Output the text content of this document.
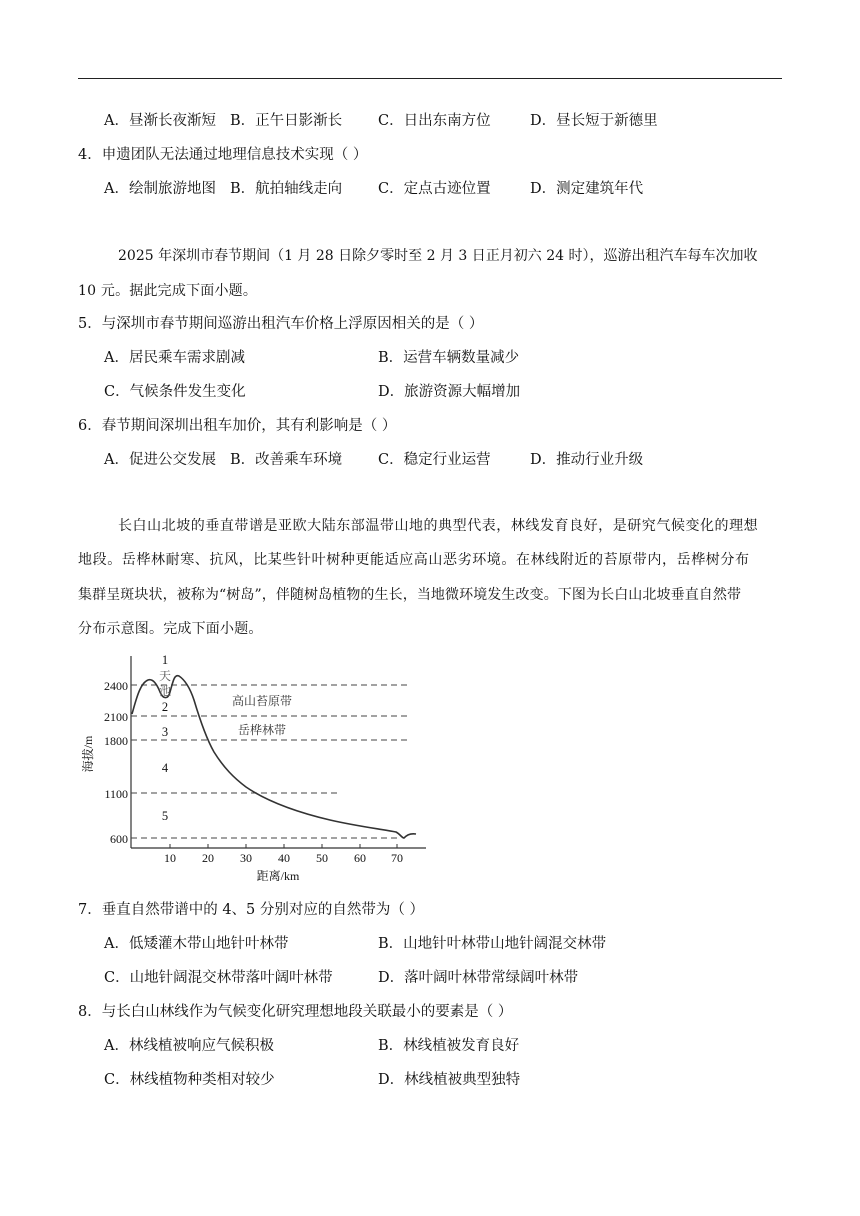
A．昼渐长夜渐短 B．正午日影渐长 C．日出东南方位	D．昼长短于新德里
4．申遗团队无法通过地理信息技术实现（ ）
A．绘制旅游地图 B．航拍轴线走向 C．定点古迹位置	D．测定建筑年代
2025 年深圳市春节期间（1 月 28 日除夕零时至 2 月 3 日正月初六 24 时），巡游出租汽车每车次加收
10 元。据此完成下面小题。
5．与深圳市春节期间巡游出租汽车价格上浮原因相关的是（ ）
A．居民乘车需求剧减	B．运营车辆数量减少
C．气候条件发生变化	D．旅游资源大幅增加
6．春节期间深圳出租车加价，其有利影响是（ ）
A．促进公交发展 B．改善乘车环境 C．稳定行业运营	D．推动行业升级
长白山北坡的垂直带谱是亚欧大陆东部温带山地的典型代表，林线发育良好，是研究气候变化的理想
地段。岳桦林耐寒、抗风，比某些针叶树种更能适应高山恶劣环境。在林线附近的苔原带内，岳桦树分布
集群呈斑块状，被称为“树岛”，伴随树岛植物的生长，当地微环境发生改变。下图为长白山北坡垂直自然带
分布示意图。完成下面小题。
2400
2100
1800
1100
600
10 20 30 40 50 60 70
距离/km
海拔/m
1
2
3
4
5
天
池
高山苔原带
岳桦林带
7．垂直自然带谱中的 4、5 分别对应的自然带为（ ）
A．低矮灌木带山地针叶林带	B．山地针叶林带山地针阔混交林带
C．山地针阔混交林带落叶阔叶林带	D．落叶阔叶林带常绿阔叶林带
8．与长白山林线作为气候变化研究理想地段关联最小的要素是（ ）
A．林线植被响应气候积极	B．林线植被发育良好
C．林线植物种类相对较少	D．林线植被典型独特
